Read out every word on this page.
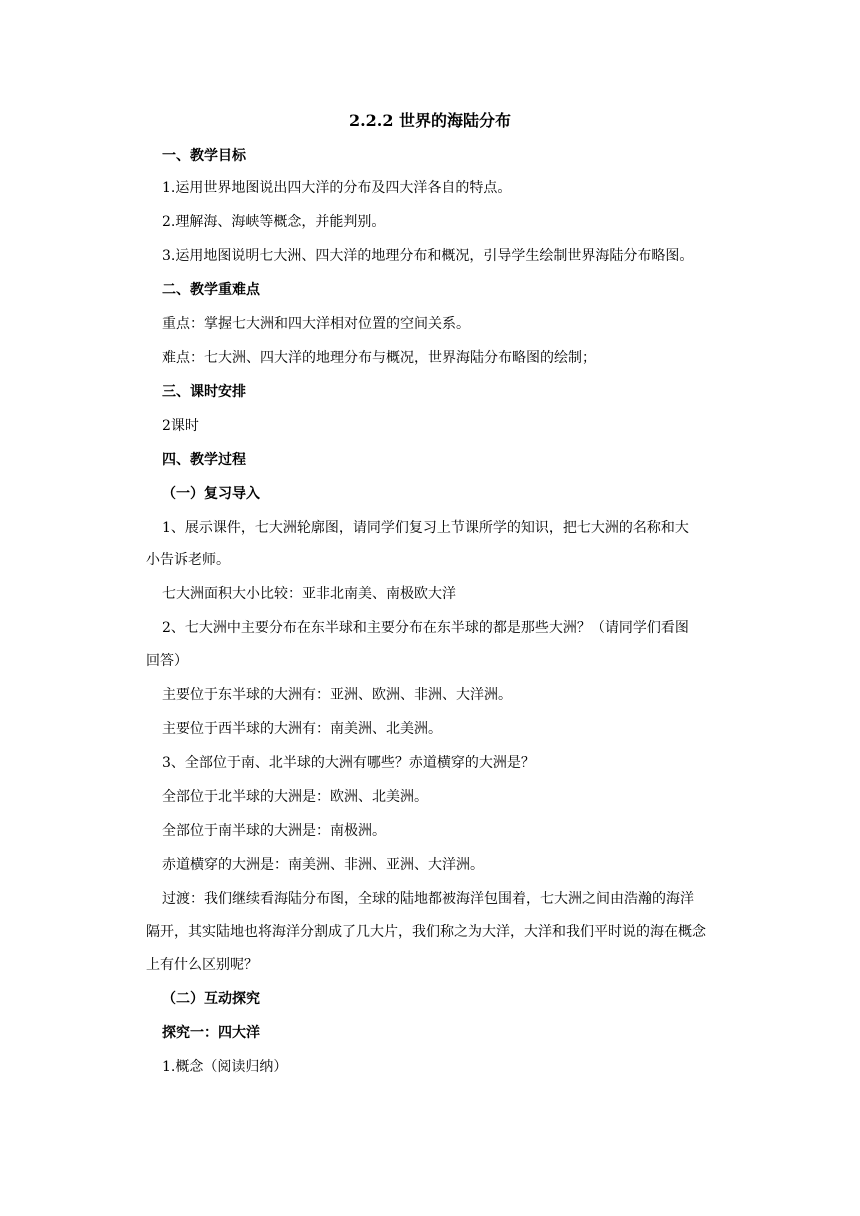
2.2.2 世界的海陆分布
一、教学目标
1.运用世界地图说出四大洋的分布及四大洋各自的特点。
2.理解海、海峡等概念，并能判别。
3.运用地图说明七大洲、四大洋的地理分布和概况，引导学生绘制世界海陆分布略图。
二、教学重难点
重点：掌握七大洲和四大洋相对位置的空间关系。
难点：七大洲、四大洋的地理分布与概况，世界海陆分布略图的绘制；
三、课时安排
2课时
四、教学过程
（一）复习导入
1、展示课件，七大洲轮廓图，请同学们复习上节课所学的知识，把七大洲的名称和大
小告诉老师。
七大洲面积大小比较：亚非北南美、南极欧大洋
2、七大洲中主要分布在东半球和主要分布在东半球的都是那些大洲？（请同学们看图
回答）
主要位于东半球的大洲有：亚洲、欧洲、非洲、大洋洲。
主要位于西半球的大洲有：南美洲、北美洲。
3、全部位于南、北半球的大洲有哪些？赤道横穿的大洲是？
全部位于北半球的大洲是：欧洲、北美洲。
全部位于南半球的大洲是：南极洲。
赤道横穿的大洲是：南美洲、非洲、亚洲、大洋洲。
过渡：我们继续看海陆分布图，全球的陆地都被海洋包围着，七大洲之间由浩瀚的海洋
隔开，其实陆地也将海洋分割成了几大片，我们称之为大洋，大洋和我们平时说的海在概念
上有什么区别呢？
（二）互动探究
探究一：四大洋
1.概念（阅读归纳）
